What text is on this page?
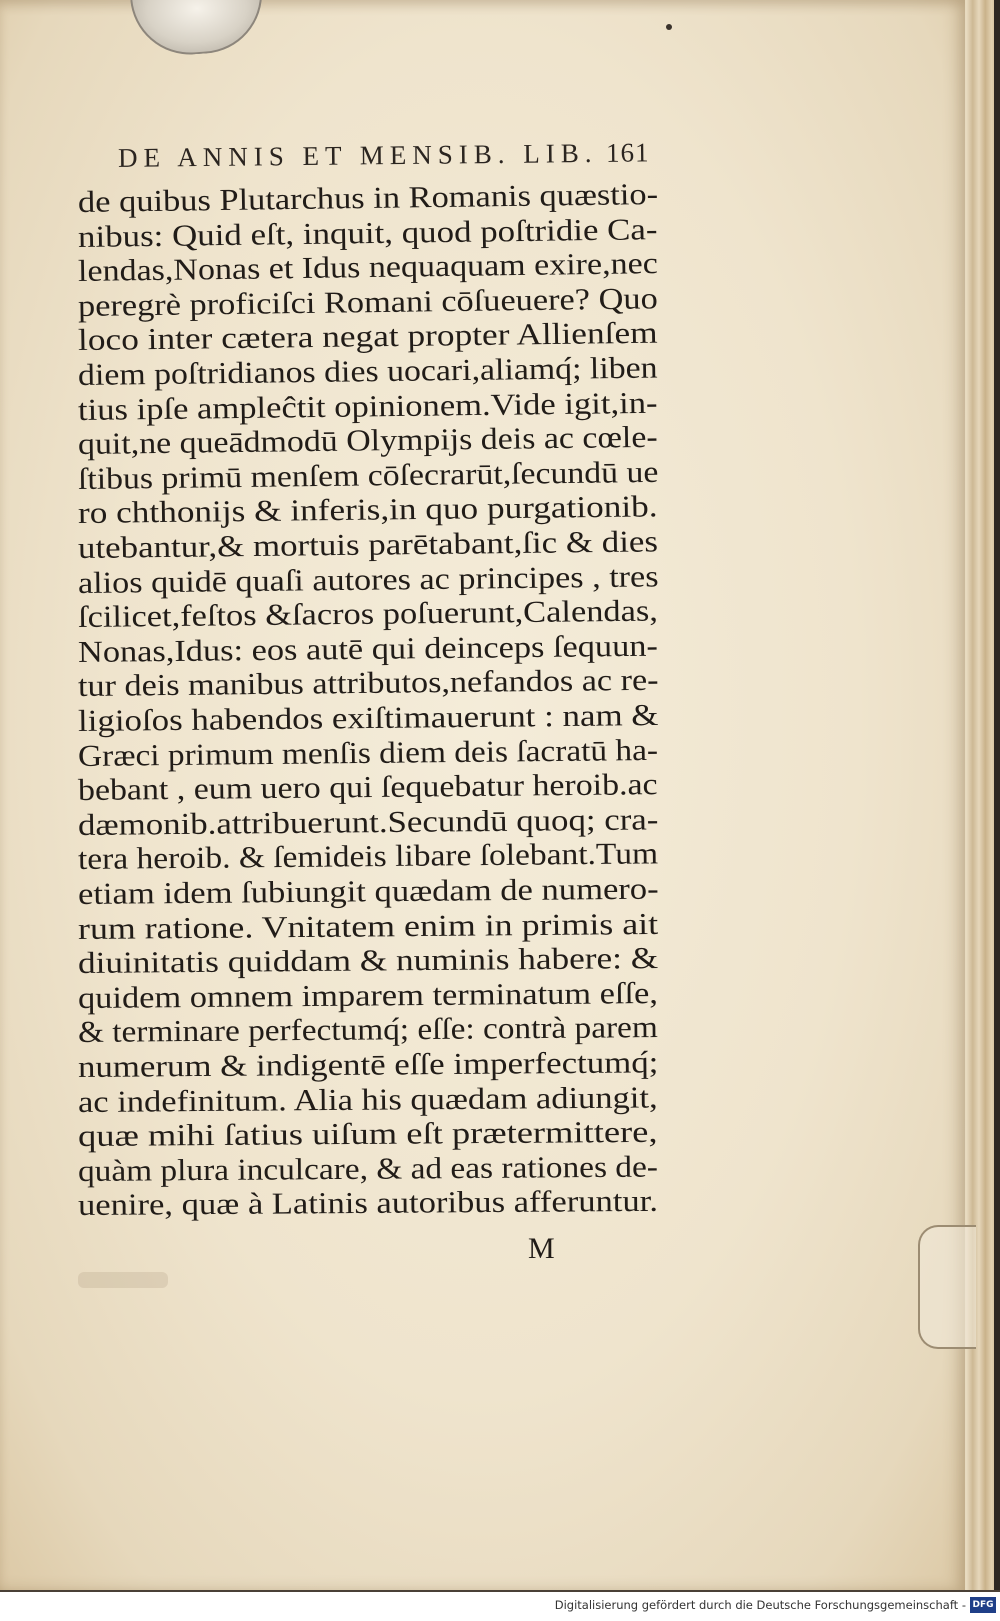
DE ANNIS ET MENSIB. LIB. 161
de quibus Plutarchus in Romanis quæstio-
nibus: Quid eſt, inquit, quod poſtridie Ca-
lendas,Nonas et Idus nequaquam exire,nec
peregrè proficiſci Romani cōſueuere? Quo
loco inter cætera negat propter Allienſem
diem poſtridianos dies uocari,aliamq́; liben
tius ipſe ampleĉtit opinionem.Vide igit,in-
quit,ne queādmodū Olympijs deis ac cœle-
ſtibus primū menſem cōſecrarūt,ſecundū ue
ro chthonijs & inferis,in quo purgationib.
utebantur,& mortuis parētabant,ſic & dies
alios quidē quaſi autores ac principes , tres
ſcilicet,feſtos &ſacros poſuerunt,Calendas,
Nonas,Idus: eos autē qui deinceps ſequun-
tur deis manibus attributos,nefandos ac re-
ligioſos habendos exiſtimauerunt : nam &
Græci primum menſis diem deis ſacratū ha-
bebant , eum uero qui ſequebatur heroib.ac
dæmonib.attribuerunt.Secundū quoq; cra-
tera heroib. & ſemideis libare ſolebant.Tum
etiam idem ſubiungit quædam de numero-
rum ratione. Vnitatem enim in primis ait
diuinitatis quiddam & numinis habere: &
quidem omnem imparem terminatum eſſe,
& terminare perfectumq́; eſſe: contrà parem
numerum & indigentē eſſe imperfectumq́;
ac indefinitum. Alia his quædam adiungit,
quæ mihi ſatius uiſum eſt prætermittere,
quàm plura inculcare, & ad eas rationes de-
uenire, quæ à Latinis autoribus afferuntur.
M
Digitalisierung gefördert durch die Deutsche Forschungsgemeinschaft - DFG
